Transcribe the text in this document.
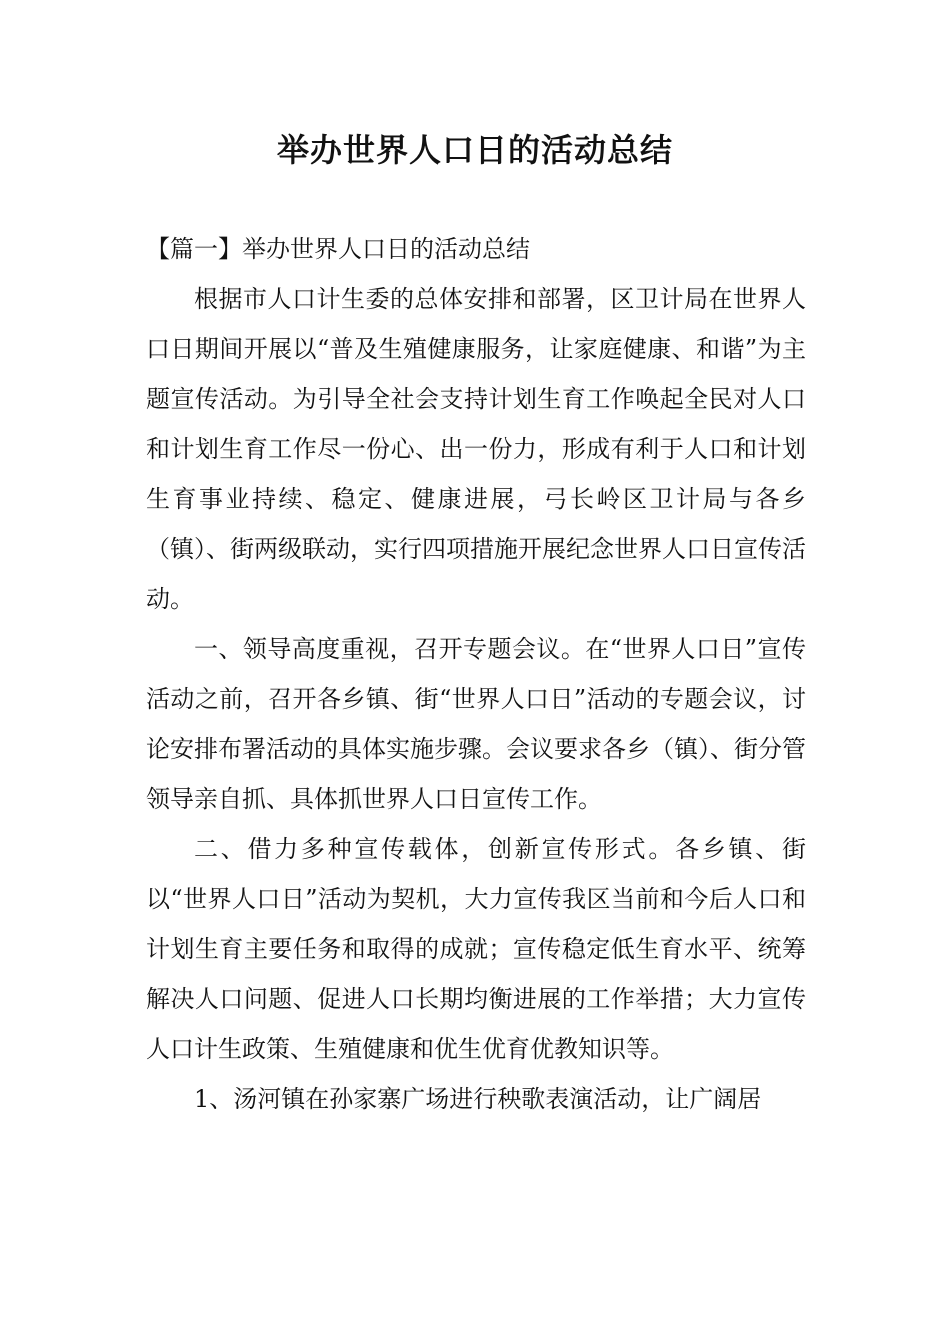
举办世界人口日的活动总结
【篇一】举办世界人口日的活动总结

根据市人口计生委的总体安排和部署，区卫计局在世界人口日期间开展以“普及生殖健康服务，让家庭健康、和谐”为主题宣传活动。为引导全社会支持计划生育工作唤起全民对人口和计划生育工作尽一份心、出一份力，形成有利于人口和计划生育事业持续、稳定、健康进展，弓长岭区卫计局与各乡（镇）、街两级联动，实行四项措施开展纪念世界人口日宣传活动。

一、领导高度重视，召开专题会议。在“世界人口日”宣传活动之前，召开各乡镇、街“世界人口日”活动的专题会议，讨论安排布署活动的具体实施步骤。会议要求各乡（镇）、街分管领导亲自抓、具体抓世界人口日宣传工作。

二、借力多种宣传载体，创新宣传形式。各乡镇、街以“世界人口日”活动为契机，大力宣传我区当前和今后人口和计划生育主要任务和取得的成就；宣传稳定低生育水平、统筹解决人口问题、促进人口长期均衡进展的工作举措；大力宣传人口计生政策、生殖健康和优生优育优教知识等。

1、汤河镇在孙家寨广场进行秧歌表演活动，让广阔居
